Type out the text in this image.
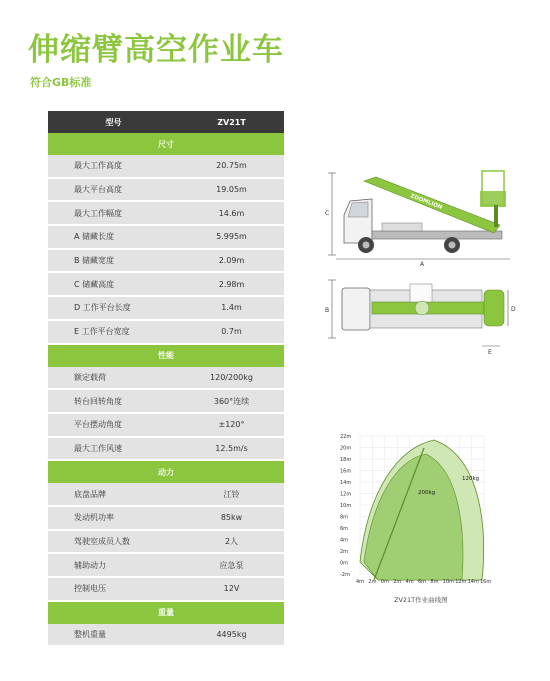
伸缩臂高空作业车
符合GB标准
型号	ZV21T
尺寸	
最大工作高度	20.75m
最大平台高度	19.05m
最大工作幅度	14.6m
A 储藏长度	5.995m
B 储藏宽度	2.09m
C 储藏高度	2.98m
D 工作平台长度	1.4m
E 工作平台宽度	0.7m
性能	
额定载荷	120/200kg
转台回转角度	360°连续
平台摆动角度	±120°
最大工作风速	12.5m/s
动力	
底盘品牌	江铃
发动机功率	85kw
驾驶室成员人数	2人
辅助动力	应急泵
控制电压	12V
重量	
整机重量	4495kg
C
ZOOMLION
A
B	D
E
200kg
120kg
22m
20m
18m
16m
14m
12m
10m
8m
6m
4m
2m
0m
-2m
4m 2m 0m 2m 4m 6m 8m 10m 12m 14m 16m
ZV21T作业曲线图
